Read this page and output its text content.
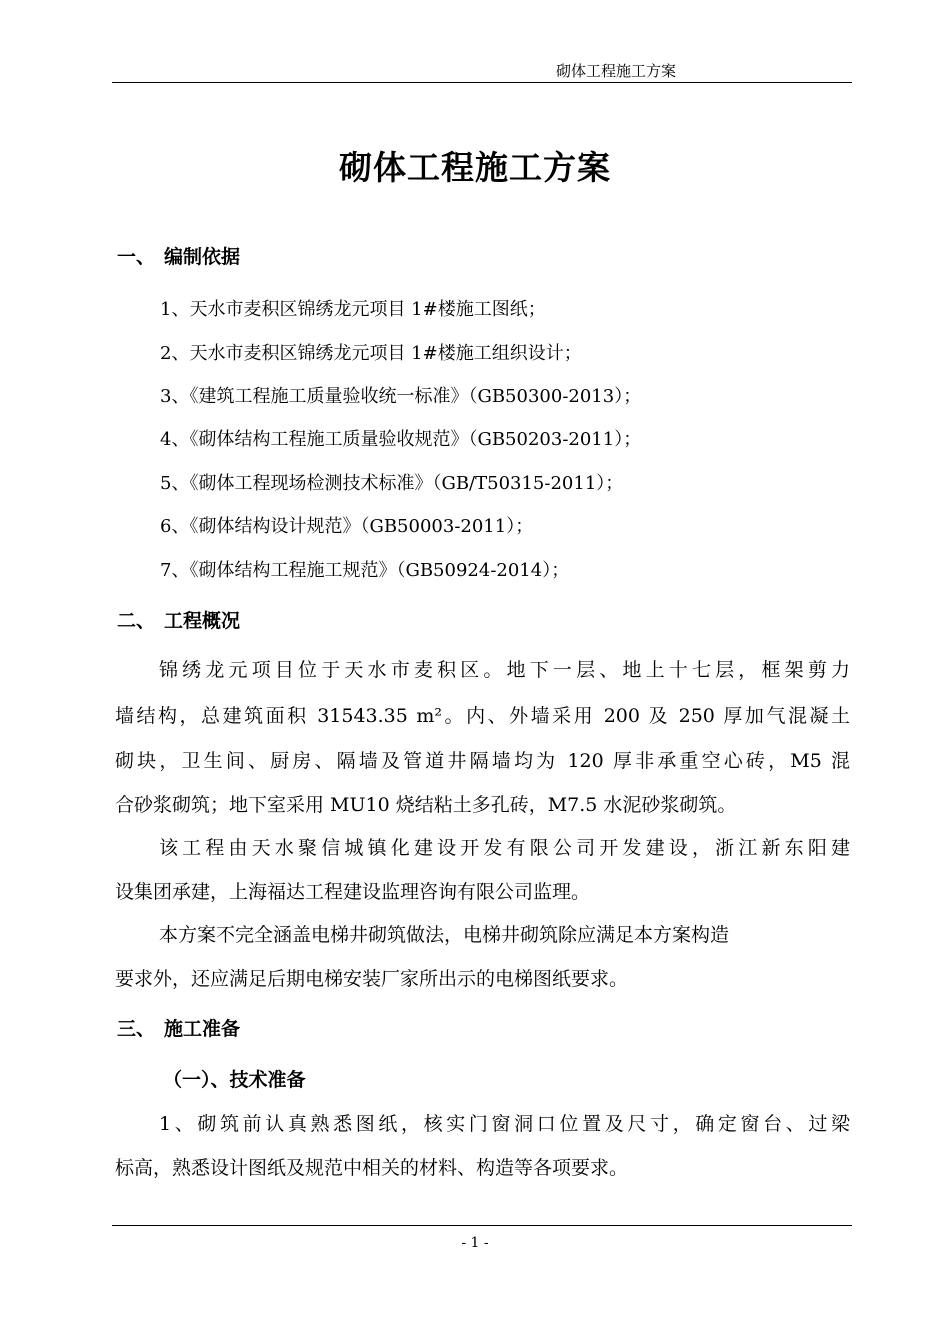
砌体工程施工方案
砌体工程施工方案
一、 编制依据
1、天水市麦积区锦绣龙元项目 1#楼施工图纸；
2、天水市麦积区锦绣龙元项目 1#楼施工组织设计；
3、《建筑工程施工质量验收统一标准》（GB50300-2013）；
4、《砌体结构工程施工质量验收规范》（GB50203-2011）；
5、《砌体工程现场检测技术标准》（GB/T50315-2011）；
6、《砌体结构设计规范》（GB50003-2011）；
7、《砌体结构工程施工规范》（GB50924-2014）；
二、 工程概况
锦绣龙元项目位于天水市麦积区。地下一层、地上十七层，框架剪力
墙结构，总建筑面积 31543.35 m²。内、外墙采用 200 及 250 厚加气混凝土
砌块，卫生间、厨房、隔墙及管道井隔墙均为 120 厚非承重空心砖，M5 混
合砂浆砌筑；地下室采用 MU10 烧结粘土多孔砖，M7.5 水泥砂浆砌筑。
该工程由天水聚信城镇化建设开发有限公司开发建设，浙江新东阳建
设集团承建，上海福达工程建设监理咨询有限公司监理。
本方案不完全涵盖电梯井砌筑做法，电梯井砌筑除应满足本方案构造
要求外，还应满足后期电梯安装厂家所出示的电梯图纸要求。
三、 施工准备
（一）、技术准备
1、砌筑前认真熟悉图纸，核实门窗洞口位置及尺寸，确定窗台、过梁
标高，熟悉设计图纸及规范中相关的材料、构造等各项要求。
- 1 -
